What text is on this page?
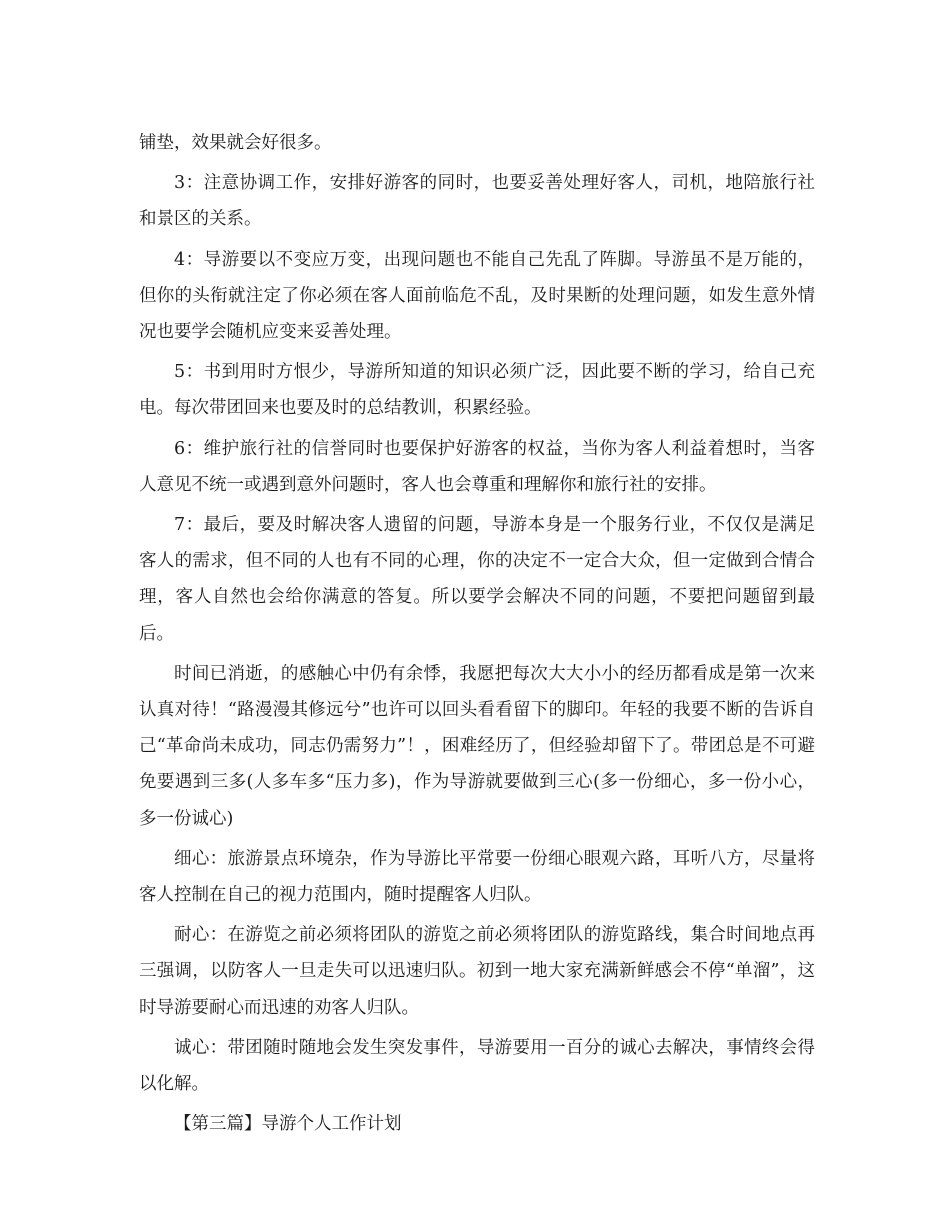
铺垫，效果就会好很多。

3：注意协调工作，安排好游客的同时，也要妥善处理好客人，司机，地陪旅行社和景区的关系。

4：导游要以不变应万变，出现问题也不能自己先乱了阵脚。导游虽不是万能的，但你的头衔就注定了你必须在客人面前临危不乱，及时果断的处理问题，如发生意外情况也要学会随机应变来妥善处理。

5：书到用时方恨少，导游所知道的知识必须广泛，因此要不断的学习，给自己充电。每次带团回来也要及时的总结教训，积累经验。

6：维护旅行社的信誉同时也要保护好游客的权益，当你为客人利益着想时，当客人意见不统一或遇到意外问题时，客人也会尊重和理解你和旅行社的安排。

7：最后，要及时解决客人遗留的问题，导游本身是一个服务行业，不仅仅是满足客人的需求，但不同的人也有不同的心理，你的决定不一定合大众，但一定做到合情合理，客人自然也会给你满意的答复。所以要学会解决不同的问题，不要把问题留到最后。

时间已消逝，的感触心中仍有余悸，我愿把每次大大小小的经历都看成是第一次来认真对待！“路漫漫其修远兮”也许可以回头看看留下的脚印。年轻的我要不断的告诉自己“革命尚未成功，同志仍需努力”！，困难经历了，但经验却留下了。带团总是不可避免要遇到三多(人多车多“压力多)，作为导游就要做到三心(多一份细心，多一份小心，多一份诚心)

细心：旅游景点环境杂，作为导游比平常要一份细心眼观六路，耳听八方，尽量将客人控制在自己的视力范围内，随时提醒客人归队。

耐心：在游览之前必须将团队的游览之前必须将团队的游览路线，集合时间地点再三强调，以防客人一旦走失可以迅速归队。初到一地大家充满新鲜感会不停“单溜”，这时导游要耐心而迅速的劝客人归队。

诚心：带团随时随地会发生突发事件，导游要用一百分的诚心去解决，事情终会得以化解。

【第三篇】导游个人工作计划
